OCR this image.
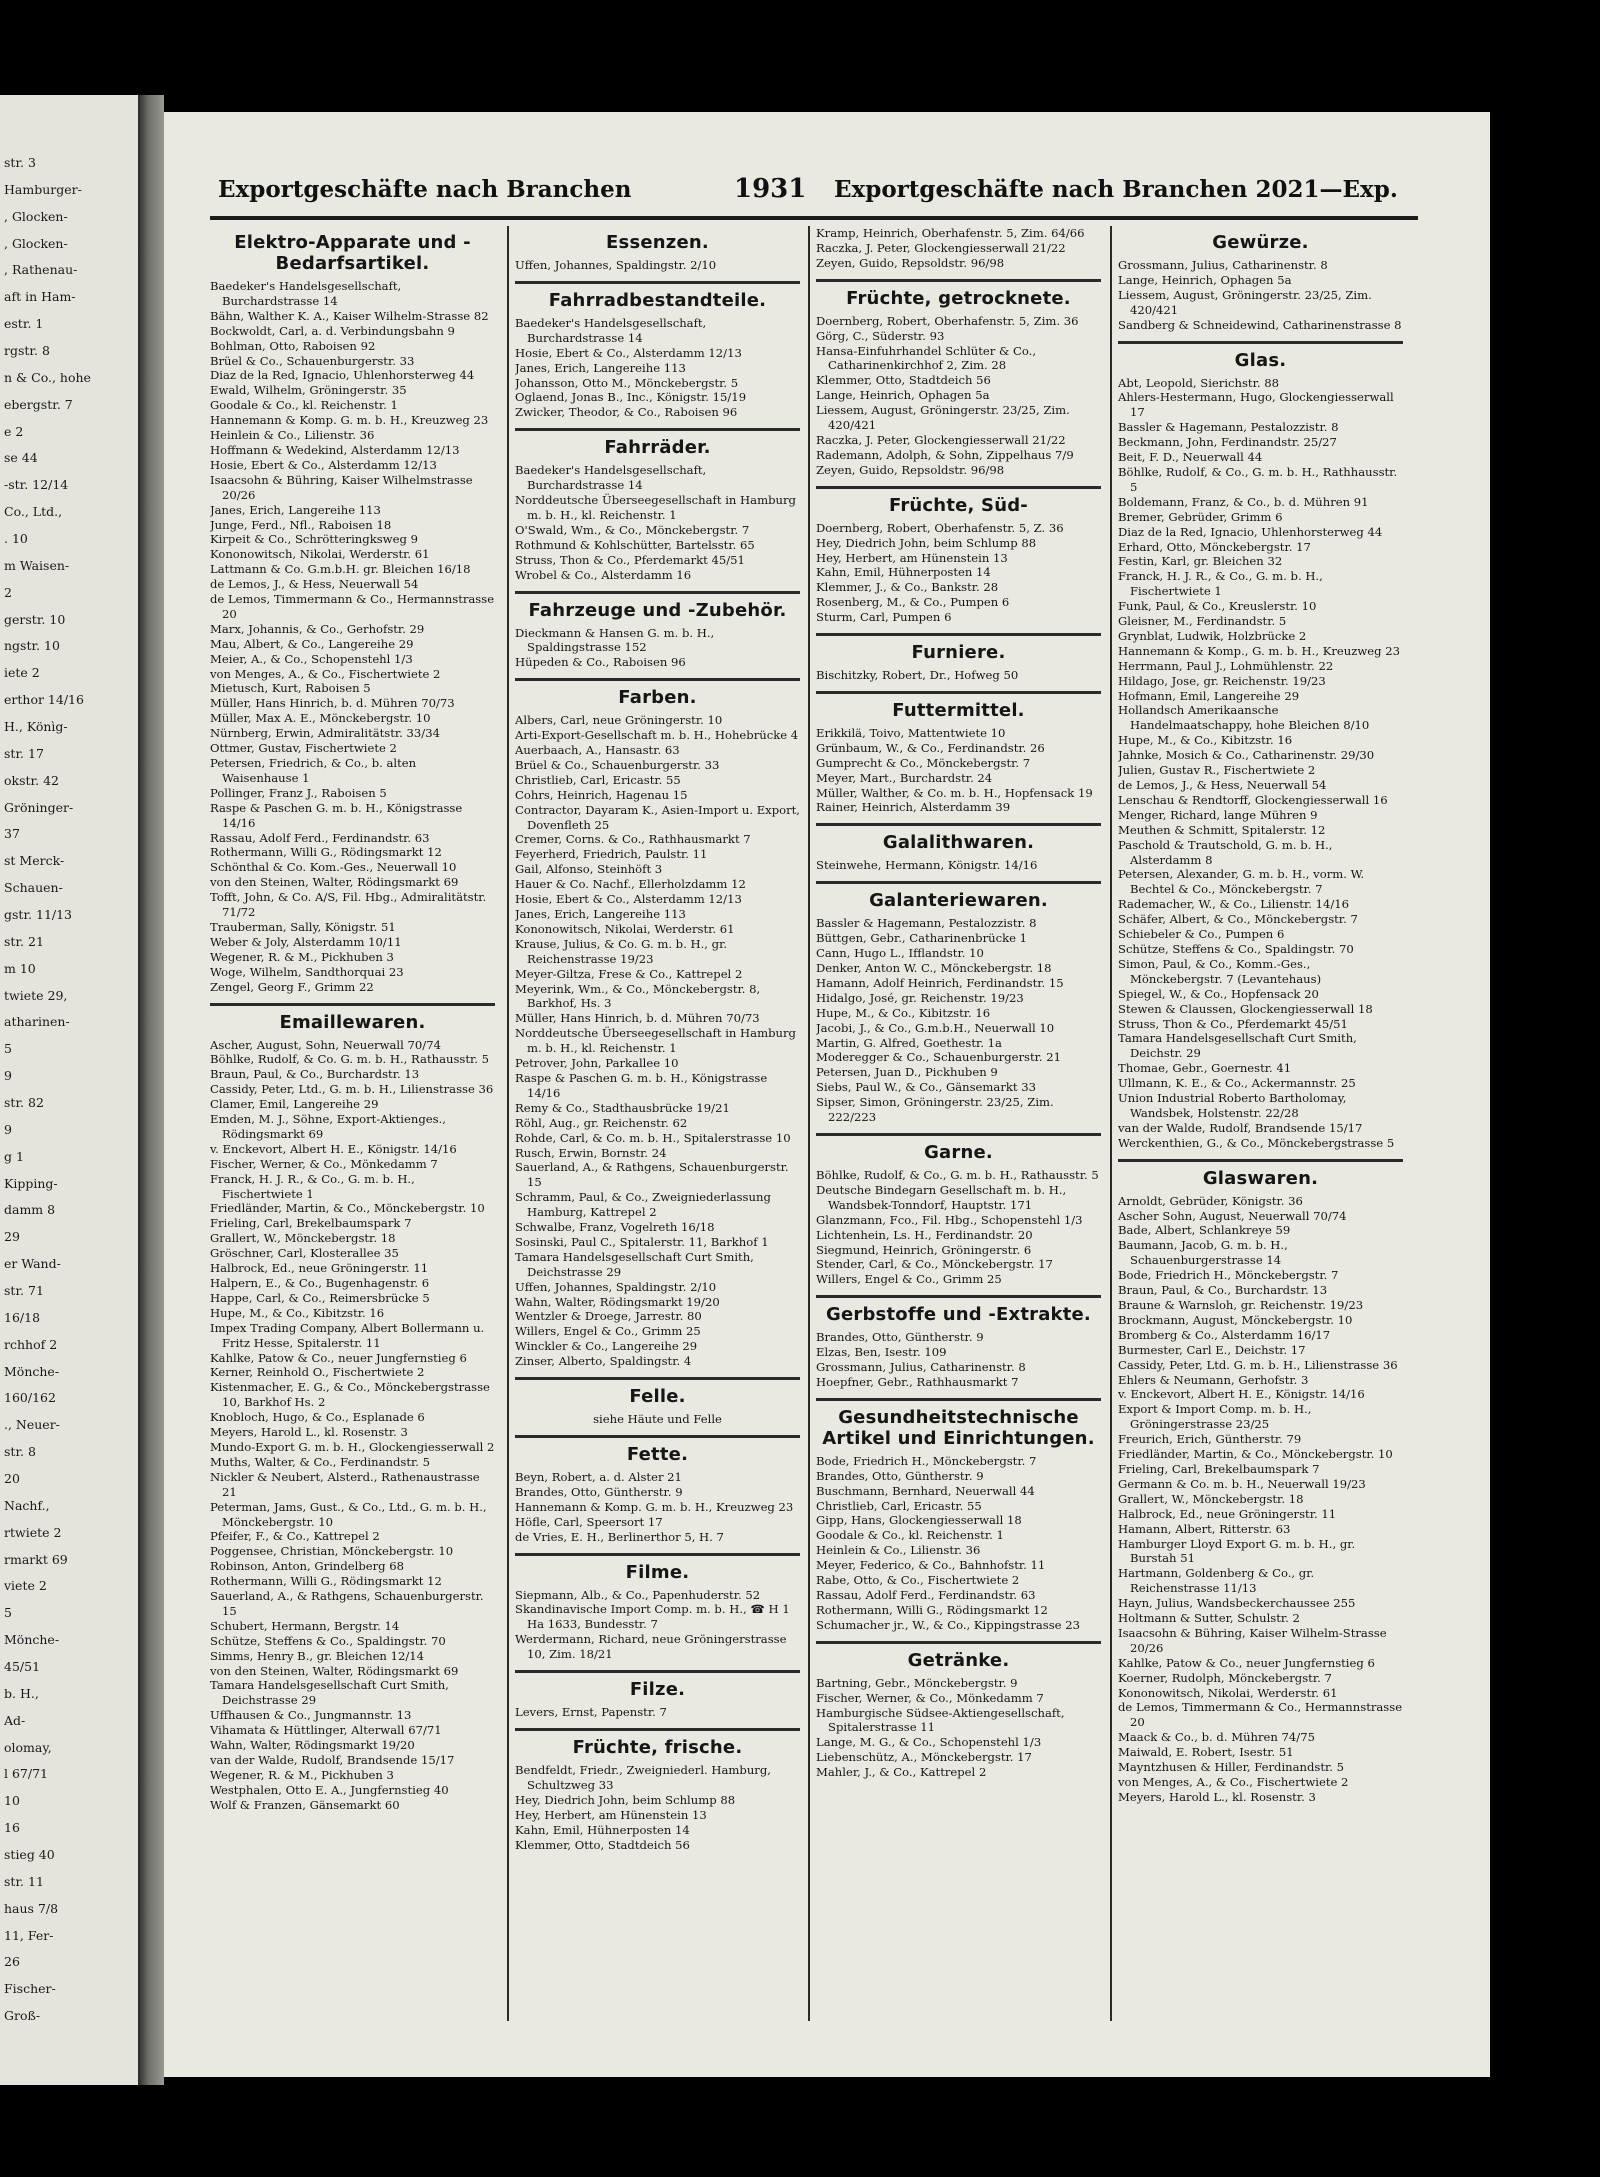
str. 3
Hamburger-
, Glocken-
, Glocken-
, Rathenau-
aft in Ham-
estr. 1
rgstr. 8
n & Co., hohe
ebergstr. 7
e 2
se 44
-str. 12/14
Co., Ltd.,
. 10
m Waisen-
2
gerstr. 10
ngstr. 10
iete 2
erthor 14/16
H., Könìg-
str. 17
okstr. 42
Gröninger-
37
st Merck-
Schauen-
gstr. 11/13
str. 21
m 10
twiete 29,
atharinen-
5
9
str. 82
9
g 1
Kipping-
damm 8
29
er Wand-
str. 71
16/18
rchhof 2
Mönche-
160/162
., Neuer-
str. 8
20
Nachf.,
rtwiete 2
rmarkt 69
viete 2
5
Mönche-
45/51
b. H.,
Ad-
olomay,
l 67/71
10
16
stieg 40
str. 11
haus 7/8
11, Fer-
26
Fischer-
Groß-
Exportgeschäfte nach Branchen	1931 Exportgeschäfte nach Branchen 2021—Exp.
Elektro-Apparate und -Bedarfsartikel.
Baedeker's Handelsgesellschaft, Burchardstrasse 14
Bähn, Walther K. A., Kaiser Wilhelm-Strasse 82
Bockwoldt, Carl, a. d. Verbindungsbahn 9
Bohlman, Otto, Raboisen 92
Brüel & Co., Schauenburgerstr. 33
Diaz de la Red, Ignacio, Uhlenhorsterweg 44
Ewald, Wilhelm, Gröningerstr. 35
Goodale & Co., kl. Reichenstr. 1
Hannemann & Komp. G. m. b. H., Kreuzweg 23
Heinlein & Co., Lilienstr. 36
Hoffmann & Wedekind, Alsterdamm 12/13
Hosie, Ebert & Co., Alsterdamm 12/13
Isaacsohn & Bühring, Kaiser Wilhelmstrasse 20/26
Janes, Erich, Langereihe 113
Junge, Ferd., Nfl., Raboisen 18
Kirpeit & Co., Schrötteringksweg 9
Kononowitsch, Nikolai, Werderstr. 61
Lattmann & Co. G.m.b.H. gr. Bleichen 16/18
de Lemos, J., & Hess, Neuerwall 54
de Lemos, Timmermann & Co., Hermannstrasse 20
Marx, Johannis, & Co., Gerhofstr. 29
Mau, Albert, & Co., Langereihe 29
Meier, A., & Co., Schopenstehl 1/3
von Menges, A., & Co., Fischertwiete 2
Mietusch, Kurt, Raboisen 5
Müller, Hans Hinrich, b. d. Mühren 70/73
Müller, Max A. E., Mönckebergstr. 10
Nürnberg, Erwin, Admiralitätstr. 33/34
Ottmer, Gustav, Fischertwiete 2
Petersen, Friedrich, & Co., b. alten Waisenhause 1
Pollinger, Franz J., Raboisen 5
Raspe & Paschen G. m. b. H., Königstrasse 14/16
Rassau, Adolf Ferd., Ferdinandstr. 63
Rothermann, Willi G., Rödingsmarkt 12
Schönthal & Co. Kom.-Ges., Neuerwall 10
von den Steinen, Walter, Rödingsmarkt 69
Tofft, John, & Co. A/S, Fil. Hbg., Admiralitätstr. 71/72
Trauberman, Sally, Königstr. 51
Weber & Joly, Alsterdamm 10/11
Wegener, R. & M., Pickhuben 3
Woge, Wilhelm, Sandthorquai 23
Zengel, Georg F., Grimm 22
Emaillewaren.
Ascher, August, Sohn, Neuerwall 70/74
Böhlke, Rudolf, & Co. G. m. b. H., Rathausstr. 5
Braun, Paul, & Co., Burchardstr. 13
Cassidy, Peter, Ltd., G. m. b. H., Lilienstrasse 36
Clamer, Emil, Langereihe 29
Emden, M. J., Söhne, Export-Aktienges., Rödingsmarkt 69
v. Enckevort, Albert H. E., Königstr. 14/16
Fischer, Werner, & Co., Mönkedamm 7
Franck, H. J. R., & Co., G. m. b. H., Fischertwiete 1
Friedländer, Martin, & Co., Mönckebergstr. 10
Frieling, Carl, Brekelbaumspark 7
Grallert, W., Mönckebergstr. 18
Gröschner, Carl, Klosterallee 35
Halbrock, Ed., neue Gröningerstr. 11
Halpern, E., & Co., Bugenhagenstr. 6
Happe, Carl, & Co., Reimersbrücke 5
Hupe, M., & Co., Kibitzstr. 16
Impex Trading Company, Albert Bollermann u. Fritz Hesse, Spitalerstr. 11
Kahlke, Patow & Co., neuer Jungfernstieg 6
Kerner, Reinhold O., Fischertwiete 2
Kistenmacher, E. G., & Co., Mönckebergstrasse 10, Barkhof Hs. 2
Knobloch, Hugo, & Co., Esplanade 6
Meyers, Harold L., kl. Rosenstr. 3
Mundo-Export G. m. b. H., Glockengiesserwall 2
Muths, Walter, & Co., Ferdinandstr. 5
Nickler & Neubert, Alsterd., Rathenaustrasse 21
Peterman, Jams, Gust., & Co., Ltd., G. m. b. H., Mönckebergstr. 10
Pfeifer, F., & Co., Kattrepel 2
Poggensee, Christian, Mönckebergstr. 10
Robinson, Anton, Grindelberg 68
Rothermann, Willi G., Rödingsmarkt 12
Sauerland, A., & Rathgens, Schauenburgerstr. 15
Schubert, Hermann, Bergstr. 14
Schütze, Steffens & Co., Spaldingstr. 70
Simms, Henry B., gr. Bleichen 12/14
von den Steinen, Walter, Rödingsmarkt 69
Tamara Handelsgesellschaft Curt Smith, Deichstrasse 29
Uffhausen & Co., Jungmannstr. 13
Vihamata & Hüttlinger, Alterwall 67/71
Wahn, Walter, Rödingsmarkt 19/20
van der Walde, Rudolf, Brandsende 15/17
Wegener, R. & M., Pickhuben 3
Westphalen, Otto E. A., Jungfernstieg 40
Wolf & Franzen, Gänsemarkt 60
Essenzen.
Uffen, Johannes, Spaldingstr. 2/10
Fahrradbestandteile.
Baedeker's Handelsgesellschaft, Burchardstrasse 14
Hosie, Ebert & Co., Alsterdamm 12/13
Janes, Erich, Langereihe 113
Johansson, Otto M., Mönckebergstr. 5
Oglaend, Jonas B., Inc., Königstr. 15/19
Zwicker, Theodor, & Co., Raboisen 96
Fahrräder.
Baedeker's Handelsgesellschaft, Burchardstrasse 14
Norddeutsche Überseegesellschaft in Hamburg m. b. H., kl. Reichenstr. 1
O'Swald, Wm., & Co., Mönckebergstr. 7
Rothmund & Kohlschütter, Bartelsstr. 65
Struss, Thon & Co., Pferdemarkt 45/51
Wrobel & Co., Alsterdamm 16
Fahrzeuge und -Zubehör.
Dieckmann & Hansen G. m. b. H., Spaldingstrasse 152
Hüpeden & Co., Raboisen 96
Farben.
Albers, Carl, neue Gröningerstr. 10
Arti-Export-Gesellschaft m. b. H., Hohebrücke 4
Auerbaach, A., Hansastr. 63
Brüel & Co., Schauenburgerstr. 33
Christlieb, Carl, Ericastr. 55
Cohrs, Heinrich, Hagenau 15
Contractor, Dayaram K., Asien-Import u. Export, Dovenfleth 25
Cremer, Corns. & Co., Rathhausmarkt 7
Feyerherd, Friedrich, Paulstr. 11
Gail, Alfonso, Steinhöft 3
Hauer & Co. Nachf., Ellerholzdamm 12
Hosie, Ebert & Co., Alsterdamm 12/13
Janes, Erich, Langereihe 113
Kononowitsch, Nikolai, Werderstr. 61
Krause, Julius, & Co. G. m. b. H., gr. Reichenstrasse 19/23
Meyer-Giltza, Frese & Co., Kattrepel 2
Meyerink, Wm., & Co., Mönckebergstr. 8, Barkhof, Hs. 3
Müller, Hans Hinrich, b. d. Mühren 70/73
Norddeutsche Überseegesellschaft in Hamburg m. b. H., kl. Reichenstr. 1
Petrover, John, Parkallee 10
Raspe & Paschen G. m. b. H., Königstrasse 14/16
Remy & Co., Stadthausbrücke 19/21
Röhl, Aug., gr. Reichenstr. 62
Rohde, Carl, & Co. m. b. H., Spitalerstrasse 10
Rusch, Erwin, Bornstr. 24
Sauerland, A., & Rathgens, Schauenburgerstr. 15
Schramm, Paul, & Co., Zweigniederlassung Hamburg, Kattrepel 2
Schwalbe, Franz, Vogelreth 16/18
Sosinski, Paul C., Spitalerstr. 11, Barkhof 1
Tamara Handelsgesellschaft Curt Smith, Deichstrasse 29
Uffen, Johannes, Spaldingstr. 2/10
Wahn, Walter, Rödingsmarkt 19/20
Wentzler & Droege, Jarrestr. 80
Willers, Engel & Co., Grimm 25
Winckler & Co., Langereihe 29
Zinser, Alberto, Spaldingstr. 4
Felle.
siehe Häute und Felle
Fette.
Beyn, Robert, a. d. Alster 21
Brandes, Otto, Güntherstr. 9
Hannemann & Komp. G. m. b. H., Kreuzweg 23
Höfle, Carl, Speersort 17
de Vries, E. H., Berlinerthor 5, H. 7
Filme.
Siepmann, Alb., & Co., Papenhuderstr. 52
Skandinavische Import Comp. m. b. H., ☎ H 1 Ha 1633, Bundesstr. 7
Werdermann, Richard, neue Gröningerstrasse 10, Zim. 18/21
Filze.
Levers, Ernst, Papenstr. 7
Früchte, frische.
Bendfeldt, Friedr., Zweigniederl. Hamburg, Schultzweg 33
Hey, Diedrich John, beim Schlump 88
Hey, Herbert, am Hünenstein 13
Kahn, Emil, Hühnerposten 14
Klemmer, Otto, Stadtdeich 56
Kramp, Heinrich, Oberhafenstr. 5, Zim. 64/66
Raczka, J. Peter, Glockengiesserwall 21/22
Zeyen, Guido, Repsoldstr. 96/98
Früchte, getrocknete.
Doernberg, Robert, Oberhafenstr. 5, Zim. 36
Görg, C., Süderstr. 93
Hansa-Einfuhrhandel Schlüter & Co., Catharinenkirchhof 2, Zim. 28
Klemmer, Otto, Stadtdeich 56
Lange, Heinrich, Ophagen 5a
Liessem, August, Gröningerstr. 23/25, Zim. 420/421
Raczka, J. Peter, Glockengiesserwall 21/22
Rademann, Adolph, & Sohn, Zippelhaus 7/9
Zeyen, Guido, Repsoldstr. 96/98
Früchte, Süd-
Doernberg, Robert, Oberhafenstr. 5, Z. 36
Hey, Diedrich John, beim Schlump 88
Hey, Herbert, am Hünenstein 13
Kahn, Emil, Hühnerposten 14
Klemmer, J., & Co., Bankstr. 28
Rosenberg, M., & Co., Pumpen 6
Sturm, Carl, Pumpen 6
Furniere.
Bischitzky, Robert, Dr., Hofweg 50
Futtermittel.
Erikkilä, Toivo, Mattentwiete 10
Grünbaum, W., & Co., Ferdinandstr. 26
Gumprecht & Co., Mönckebergstr. 7
Meyer, Mart., Burchardstr. 24
Müller, Walther, & Co. m. b. H., Hopfensack 19
Rainer, Heinrich, Alsterdamm 39
Galalithwaren.
Steinwehe, Hermann, Königstr. 14/16
Galanteriewaren.
Bassler & Hagemann, Pestalozzistr. 8
Büttgen, Gebr., Catharinenbrücke 1
Cann, Hugo L., Ifflandstr. 10
Denker, Anton W. C., Mönckebergstr. 18
Hamann, Adolf Heinrich, Ferdinandstr. 15
Hidalgo, José, gr. Reichenstr. 19/23
Hupe, M., & Co., Kibitzstr. 16
Jacobi, J., & Co., G.m.b.H., Neuerwall 10
Martin, G. Alfred, Goethestr. 1a
Moderegger & Co., Schauenburgerstr. 21
Petersen, Juan D., Pickhuben 9
Siebs, Paul W., & Co., Gänsemarkt 33
Sipser, Simon, Gröningerstr. 23/25, Zim. 222/223
Garne.
Böhlke, Rudolf, & Co., G. m. b. H., Rathausstr. 5
Deutsche Bindegarn Gesellschaft m. b. H., Wandsbek-Tonndorf, Hauptstr. 171
Glanzmann, Fco., Fil. Hbg., Schopenstehl 1/3
Lichtenhein, Ls. H., Ferdinandstr. 20
Siegmund, Heinrich, Gröningerstr. 6
Stender, Carl, & Co., Mönckebergstr. 17
Willers, Engel & Co., Grimm 25
Gerbstoffe und -Extrakte.
Brandes, Otto, Güntherstr. 9
Elzas, Ben, Isestr. 109
Grossmann, Julius, Catharinenstr. 8
Hoepfner, Gebr., Rathhausmarkt 7
Gesundheitstechnische Artikel und Einrichtungen.
Bode, Friedrich H., Mönckebergstr. 7
Brandes, Otto, Güntherstr. 9
Buschmann, Bernhard, Neuerwall 44
Christlieb, Carl, Ericastr. 55
Gipp, Hans, Glockengiesserwall 18
Goodale & Co., kl. Reichenstr. 1
Heinlein & Co., Lilienstr. 36
Meyer, Federico, & Co., Bahnhofstr. 11
Rabe, Otto, & Co., Fischertwiete 2
Rassau, Adolf Ferd., Ferdinandstr. 63
Rothermann, Willi G., Rödingsmarkt 12
Schumacher jr., W., & Co., Kippingstrasse 23
Getränke.
Bartning, Gebr., Mönckebergstr. 9
Fischer, Werner, & Co., Mönkedamm 7
Hamburgische Südsee-Aktiengesellschaft, Spitalerstrasse 11
Lange, M. G., & Co., Schopenstehl 1/3
Liebenschütz, A., Mönckebergstr. 17
Mahler, J., & Co., Kattrepel 2
Gewürze.
Grossmann, Julius, Catharinenstr. 8
Lange, Heinrich, Ophagen 5a
Liessem, August, Gröningerstr. 23/25, Zim. 420/421
Sandberg & Schneidewind, Catharinenstrasse 8
Glas.
Abt, Leopold, Sierichstr. 88
Ahlers-Hestermann, Hugo, Glockengiesserwall 17
Bassler & Hagemann, Pestalozzistr. 8
Beckmann, John, Ferdinandstr. 25/27
Beit, F. D., Neuerwall 44
Böhlke, Rudolf, & Co., G. m. b. H., Rathhausstr. 5
Boldemann, Franz, & Co., b. d. Mühren 91
Bremer, Gebrüder, Grimm 6
Diaz de la Red, Ignacio, Uhlenhorsterweg 44
Erhard, Otto, Mönckebergstr. 17
Festin, Karl, gr. Bleichen 32
Franck, H. J. R., & Co., G. m. b. H., Fischertwiete 1
Funk, Paul, & Co., Kreuslerstr. 10
Gleisner, M., Ferdinandstr. 5
Grynblat, Ludwik, Holzbrücke 2
Hannemann & Komp., G. m. b. H., Kreuzweg 23
Herrmann, Paul J., Lohmühlenstr. 22
Hildago, Jose, gr. Reichenstr. 19/23
Hofmann, Emil, Langereihe 29
Hollandsch Amerikaansche Handelmaatschappy, hohe Bleichen 8/10
Hupe, M., & Co., Kibitzstr. 16
Jahnke, Mosich & Co., Catharinenstr. 29/30
Julien, Gustav R., Fischertwiete 2
de Lemos, J., & Hess, Neuerwall 54
Lenschau & Rendtorff, Glockengiesserwall 16
Menger, Richard, lange Mühren 9
Meuthen & Schmitt, Spitalerstr. 12
Paschold & Trautschold, G. m. b. H., Alsterdamm 8
Petersen, Alexander, G. m. b. H., vorm. W. Bechtel & Co., Mönckebergstr. 7
Rademacher, W., & Co., Lilienstr. 14/16
Schäfer, Albert, & Co., Mönckebergstr. 7
Schiebeler & Co., Pumpen 6
Schütze, Steffens & Co., Spaldingstr. 70
Simon, Paul, & Co., Komm.-Ges., Mönckebergstr. 7 (Levantehaus)
Spiegel, W., & Co., Hopfensack 20
Stewen & Claussen, Glockengiesserwall 18
Struss, Thon & Co., Pferdemarkt 45/51
Tamara Handelsgesellschaft Curt Smith, Deichstr. 29
Thomae, Gebr., Goernestr. 41
Ullmann, K. E., & Co., Ackermannstr. 25
Union Industrial Roberto Bartholomay, Wandsbek, Holstenstr. 22/28
van der Walde, Rudolf, Brandsende 15/17
Werckenthien, G., & Co., Mönckebergstrasse 5
Glaswaren.
Arnoldt, Gebrüder, Königstr. 36
Ascher Sohn, August, Neuerwall 70/74
Bade, Albert, Schlankreye 59
Baumann, Jacob, G. m. b. H., Schauenburgerstrasse 14
Bode, Friedrich H., Mönckebergstr. 7
Braun, Paul, & Co., Burchardstr. 13
Braune & Warnsloh, gr. Reichenstr. 19/23
Brockmann, August, Mönckebergstr. 10
Bromberg & Co., Alsterdamm 16/17
Burmester, Carl E., Deichstr. 17
Cassidy, Peter, Ltd. G. m. b. H., Lilienstrasse 36
Ehlers & Neumann, Gerhofstr. 3
v. Enckevort, Albert H. E., Königstr. 14/16
Export & Import Comp. m. b. H., Gröningerstrasse 23/25
Freurich, Erich, Güntherstr. 79
Friedländer, Martin, & Co., Mönckebergstr. 10
Frieling, Carl, Brekelbaumspark 7
Germann & Co. m. b. H., Neuerwall 19/23
Grallert, W., Mönckebergstr. 18
Halbrock, Ed., neue Gröningerstr. 11
Hamann, Albert, Ritterstr. 63
Hamburger Lloyd Export G. m. b. H., gr. Burstah 51
Hartmann, Goldenberg & Co., gr. Reichenstrasse 11/13
Hayn, Julius, Wandsbeckerchaussee 255
Holtmann & Sutter, Schulstr. 2
Isaacsohn & Bühring, Kaiser Wilhelm-Strasse 20/26
Kahlke, Patow & Co., neuer Jungfernstieg 6
Koerner, Rudolph, Mönckebergstr. 7
Kononowitsch, Nikolai, Werderstr. 61
de Lemos, Timmermann & Co., Hermannstrasse 20
Maack & Co., b. d. Mühren 74/75
Maiwald, E. Robert, Isestr. 51
Mayntzhusen & Hiller, Ferdinandstr. 5
von Menges, A., & Co., Fischertwiete 2
Meyers, Harold L., kl. Rosenstr. 3
